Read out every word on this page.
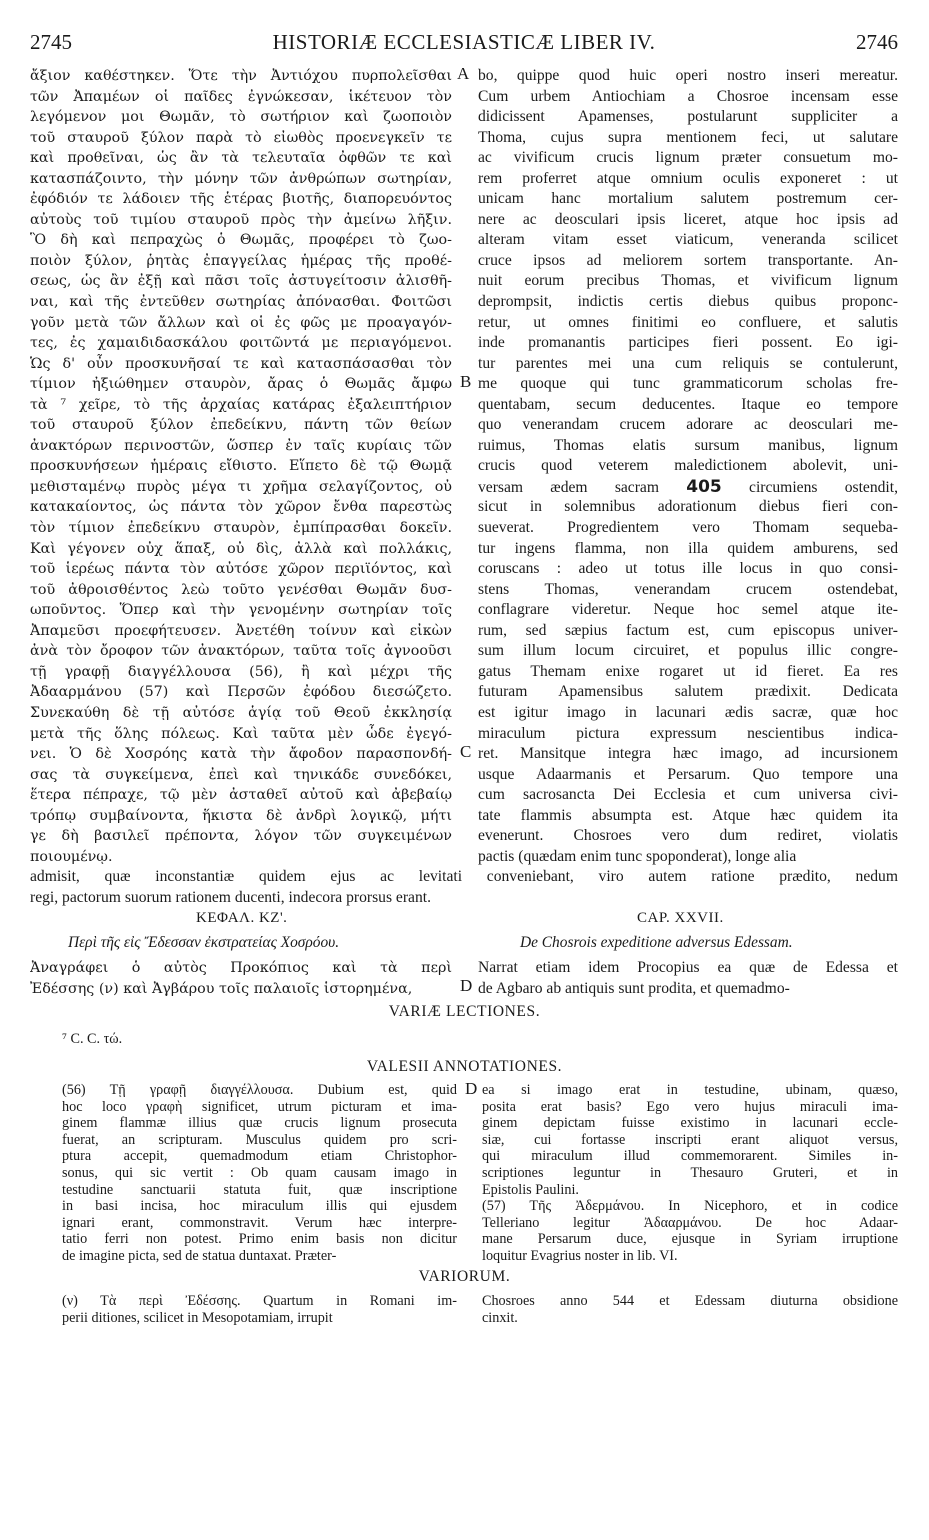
2745	HISTORIÆ ECCLESIASTICÆ LIBER IV.	2746
ἄξιον καθέστηκεν. Ὅτε τὴν Ἀντιόχου πυρπολεῖσθαι
τῶν Ἀπαμέων οἱ παῖδες ἐγνώκεσαν, ἱκέτευον τὸν
λεγόμενον μοι Θωμᾶν, τὸ σωτήριον καὶ ζωοποιὸν
τοῦ σταυροῦ ξύλον παρὰ τὸ εἰωθὸς προενεγκεῖν τε
καὶ προθεῖναι, ὡς ἂν τὰ τελευταῖα ὀφθῶν τε καὶ
κατασπάζοιντο, τὴν μόνην τῶν ἀνθρώπων σωτηρίαν,
ἐφόδιόν τε λάδοιεν τῆς ἑτέρας βιοτῆς, διαπορευόντος
αὐτοὺς τοῦ τιμίου σταυροῦ πρὸς τὴν ἀμείνω λῆξιν.
Ὃ δὴ καὶ πεπραχὼς ὁ Θωμᾶς, προφέρει τὸ ζωο-
ποιὸν ξύλον, ῥητὰς ἐπαγγείλας ἡμέρας τῆς προθέ-
σεως, ὡς ἂν ἐξῇ καὶ πᾶσι τοῖς ἀστυγείτοσιν ἀλισθῆ-
ναι, καὶ τῆς ἐντεῦθεν σωτηρίας ἀπόνασθαι. Φοιτῶσι
γοῦν μετὰ τῶν ἄλλων καὶ οἱ ἐς φῶς με προαγαγόν-
τες, ἐς χαμαιδιδασκάλου φοιτῶντά με περιαγόμενοι.
Ὡς δ' οὖν προσκυνῆσαί τε καὶ κατασπάσασθαι τὸν
τίμιον ἠξιώθημεν σταυρὸν, ἄρας ὁ Θωμᾶς ἄμφω
τὰ ⁷ χεῖρε, τὸ τῆς ἀρχαίας κατάρας ἐξαλειπτήριον
τοῦ σταυροῦ ξύλον ἐπεδείκνυ, πάντη τῶν θείων
ἀνακτόρων περινοστῶν, ὥσπερ ἐν ταῖς κυρίαις τῶν
προσκυνήσεων ἡμέραις εἴθιστο. Εἵπετο δὲ τῷ Θωμᾷ
μεθισταμένῳ πυρὸς μέγα τι χρῆμα σελαγίζοντος, οὐ
κατακαίοντος, ὡς πάντα τὸν χῶρον ἔνθα παρεστὼς
τὸν τίμιον ἐπεδείκνυ σταυρὸν, ἐμπίπρασθαι δοκεῖν.
Καὶ γέγονεν οὐχ ἅπαξ, οὐ δὶς, ἀλλὰ καὶ πολλάκις,
τοῦ ἱερέως πάντα τὸν αὐτόσε χῶρον περιϊόντος, καὶ
τοῦ ἀθροισθέντος λεὼ τοῦτο γενέσθαι Θωμᾶν δυσ-
ωποῦντος. Ὅπερ καὶ τὴν γενομένην σωτηρίαν τοῖς
Ἀπαμεῦσι προεφήτευσεν. Ἀνετέθη τοίνυν καὶ εἰκὼν
ἀνὰ τὸν ὄροφον τῶν ἀνακτόρων, ταῦτα τοῖς ἀγνοοῦσι
τῇ γραφῇ διαγγέλλουσα (56), ἢ καὶ μέχρι τῆς
Ἀδααρμάνου (57) καὶ Περσῶν ἐφόδου διεσώζετο.
Συνεκαύθη δὲ τῇ αὐτόσε ἁγίᾳ τοῦ Θεοῦ ἐκκλησίᾳ
μετὰ τῆς ὅλης πόλεως. Καὶ ταῦτα μὲν ὧδε ἐγεγό-
νει. Ὁ δὲ Χοσρόης κατὰ τὴν ἄφοδον παρασπονδή-
σας τὰ συγκείμενα, ἐπεὶ καὶ τηνικάδε συνεδόκει,
ἕτερα πέπραχε, τῷ μὲν ἀσταθεῖ αὐτοῦ καὶ ἀβεβαίῳ
τρόπῳ συμβαίνοντα, ἥκιστα δὲ ἀνδρὶ λογικῷ, μήτι
γε δὴ βασιλεῖ πρέποντα, λόγον τῶν συγκειμένων
ποιουμένῳ.
bo, quippe quod huic operi nostro inseri mereatur.
Cum urbem Antiochiam a Chosroe incensam esse
didicissent Apamenses, postularunt suppliciter a
Thoma, cujus supra mentionem feci, ut salutare
ac vivificum crucis lignum præter consuetum mo-
rem proferret atque omnium oculis exponeret : ut
unicam hanc mortalium salutem postremum cer-
nere ac deosculari ipsis liceret, atque hoc ipsis ad
alteram vitam esset viaticum, veneranda scilicet
cruce ipsos ad meliorem sortem transportante. An-
nuit eorum precibus Thomas, et vivificum lignum
deprompsit, indictis certis diebus quibus proponc-
retur, ut omnes finitimi eo confluere, et salutis
inde promanantis participes fieri possent. Eo igi-
tur parentes mei una cum reliquis se contulerunt,
me quoque qui tunc grammaticorum scholas fre-
quentabam, secum deducentes. Itaque eo tempore
quo venerandam crucem adorare ac deosculari me-
ruimus, Thomas elatis sursum manibus, lignum
crucis quod veterem maledictionem abolevit, uni-
versam ædem sacram 405 circumiens ostendit,
sicut in solemnibus adorationum diebus fieri con-
sueverat. Progredientem vero Thomam sequeba-
tur ingens flamma, non illa quidem amburens, sed
coruscans : adeo ut totus ille locus in quo consi-
stens Thomas, venerandam crucem ostendebat,
conflagrare videretur. Neque hoc semel atque ite-
rum, sed sæpius factum est, cum episcopus univer-
sum illum locum circuiret, et populus illic congre-
gatus Themam enixe rogaret ut id fieret. Ea res
futuram Apamensibus salutem prædixit. Dedicata
est igitur imago in lacunari ædis sacræ, quæ hoc
miraculum pictura expressum nescientibus indica-
ret. Mansitque integra hæc imago, ad incursionem
usque Adaarmanis et Persarum. Quo tempore una
cum sacrosancta Dei Ecclesia et cum universa civi-
tate flammis absumpta est. Atque hæc quidem ita
evenerunt. Chosroes vero dum rediret, violatis
pactis (quædam enim tunc spoponderat), longe alia
A
B
C
admisit, quæ inconstantiæ quidem ejus ac levitati conveniebant, viro autem ratione prædito, nedum
regi, pactorum suorum rationem ducenti, indecora prorsus erant.
ΚΕΦΑΛ. ΚΖ'.	CAP. XXVII.
Περὶ τῆς εἰς Ἔδεσσαν ἐκστρατείας Χοσρόου.	De Chosrois expeditione adversus Edessam.
Ἀναγράφει ὁ αὐτὸς Προκόπιος καὶ τὰ περὶ
Ἐδέσσης (ν) καὶ Ἀγβάρου τοῖς παλαιοῖς ἱστορημένα,
Narrat etiam idem Procopius ea quæ de Edessa et
de Agbaro ab antiquis sunt prodita, et quemadmo-
D
VARIÆ LECTIONES.
⁷ C. C. τώ.
VALESII ANNOTATIONES.
(56) Τῇ γραφῇ διαγγέλλουσα. Dubium est, quid
hoc loco γραφὴ significet, utrum picturam et ima-
ginem flammæ illius quæ crucis lignum prosecuta
fuerat, an scripturam. Musculus quidem pro scri-
ptura accepit, quemadmodum etiam Christophor-
sonus, qui sic vertit : Ob quam causam imago in
testudine sanctuarii statuta fuit, quæ inscriptione
in basi incisa, hoc miraculum illis qui ejusdem
ignari erant, commonstravit. Verum hæc interpre-
tatio ferri non potest. Primo enim basis non dicitur
de imagine picta, sed de statua duntaxat. Præter-
ea si imago erat in testudine, ubinam, quæso,
posita erat basis? Ego vero hujus miraculi ima-
ginem depictam fuisse existimo in lacunari eccle-
siæ, cui fortasse inscripti erant aliquot versus,
qui miraculum illud commemorarent. Similes in-
scriptiones leguntur in Thesauro Gruteri, et in
Epistolis Paulini.
(57) Τῆς Ἀδερμάνου. In Nicephoro, et in codice
Telleriano legitur Ἀδααρμάνου. De hoc Adaar-
mane Persarum duce, ejusque in Syriam irruptione
loquitur Evagrius noster in lib. VI.
D
VARIORUM.
(ν) Τὰ περὶ Ἐδέσσης. Quartum in Romani im-
perii ditiones, scilicet in Mesopotamiam, irrupit
Chosroes anno 544 et Edessam diuturna obsidione
cinxit.
